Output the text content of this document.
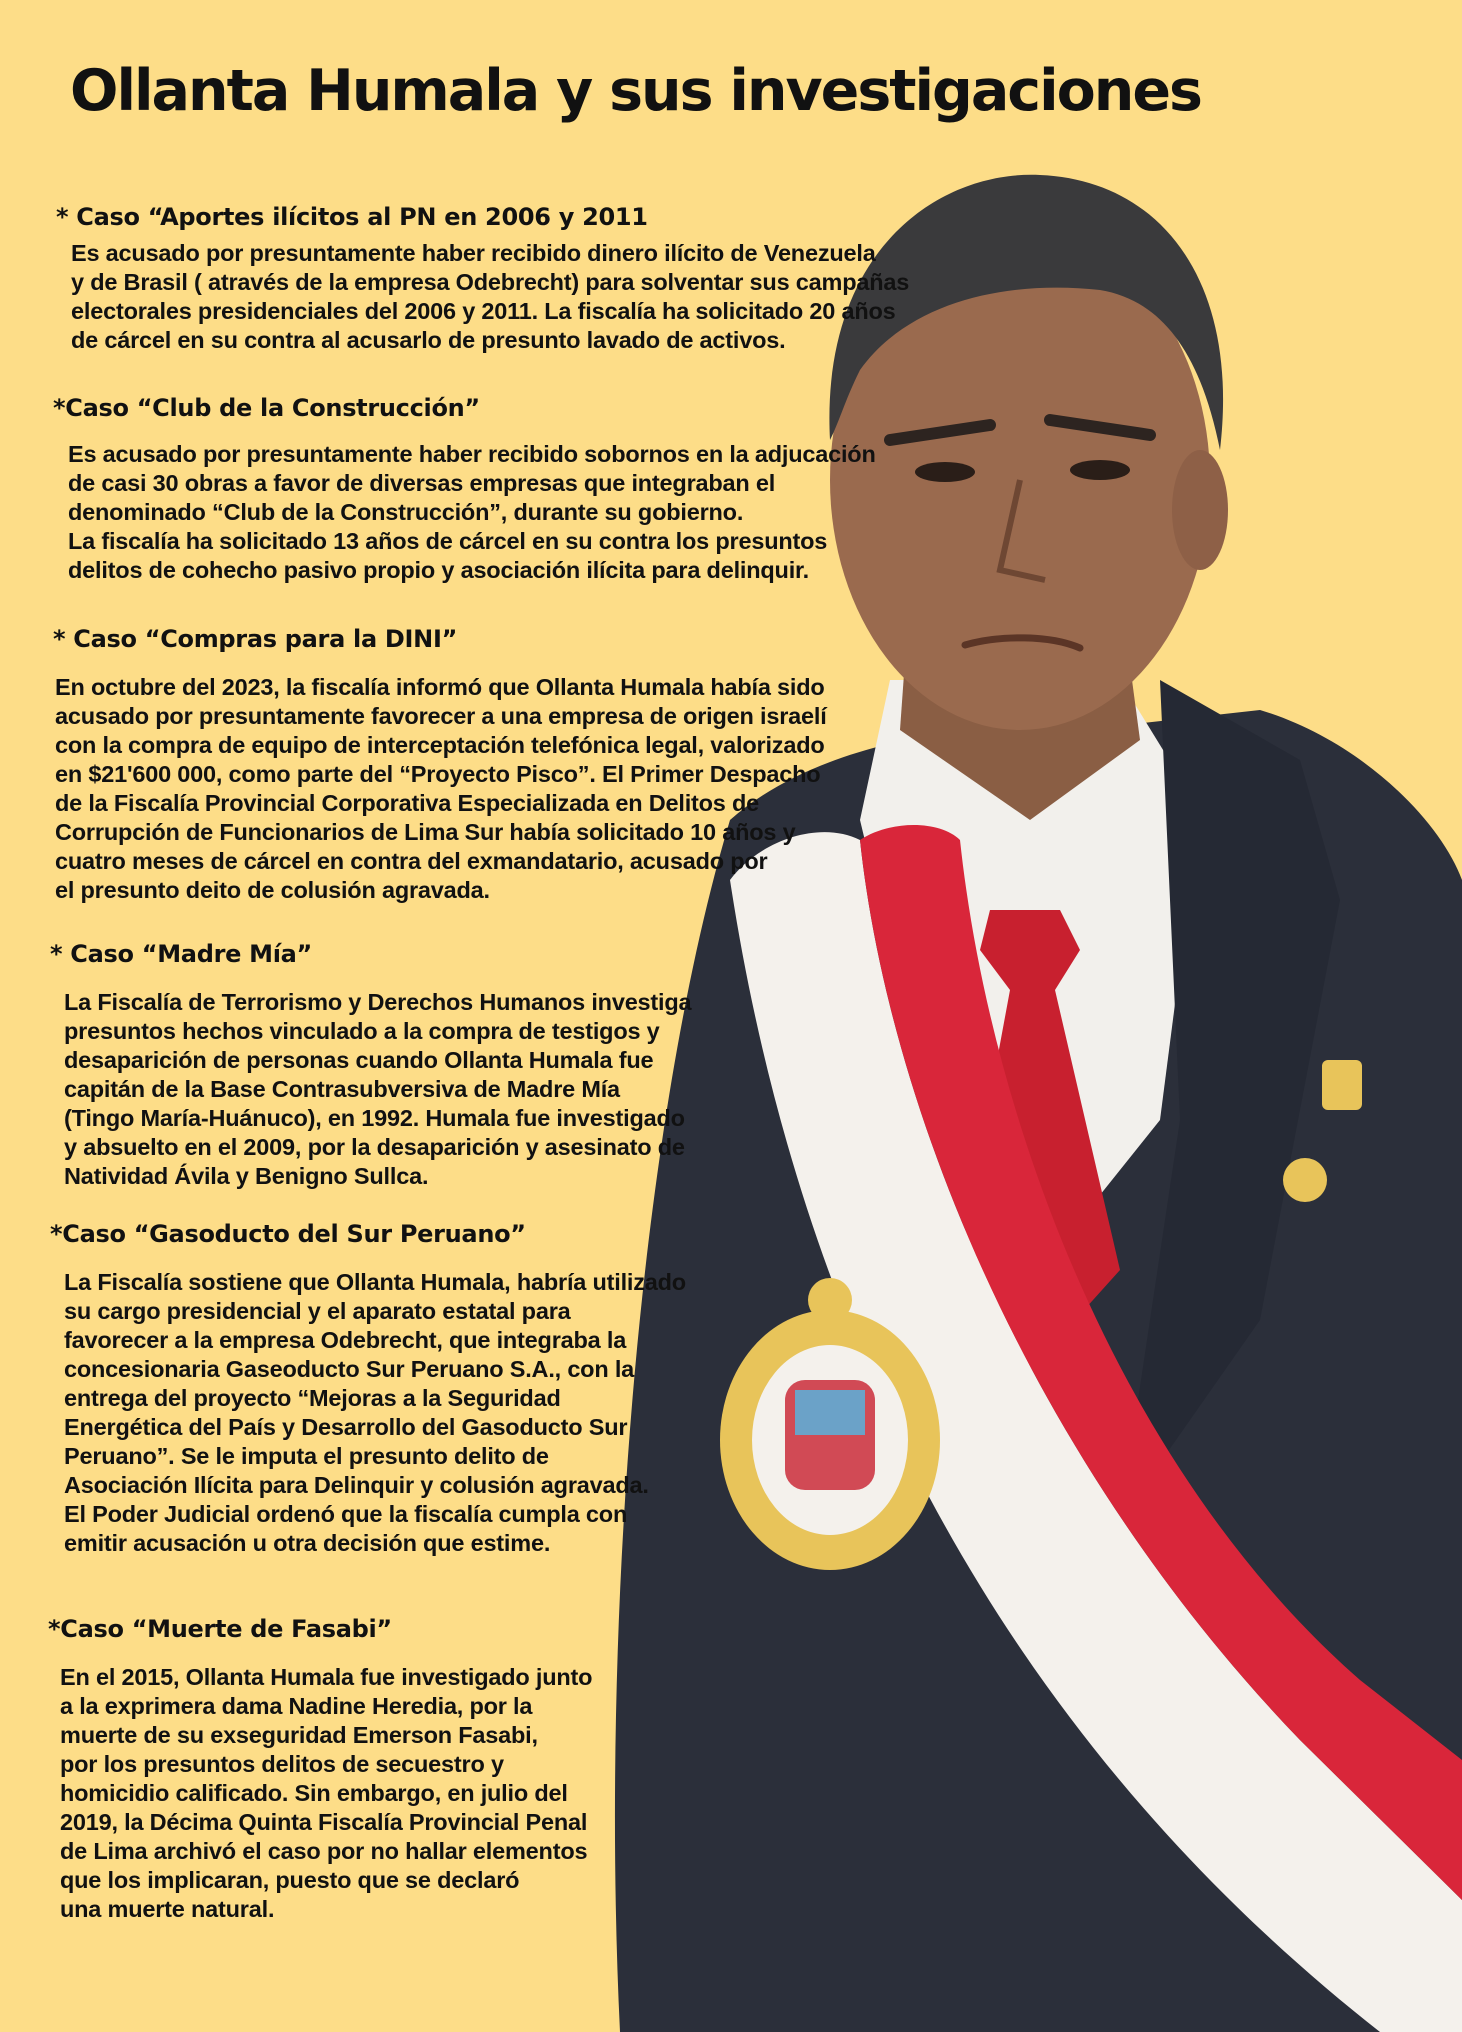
Ollanta Humala y sus investigaciones
* Caso “Aportes ilícitos al PN en 2006 y 2011

Es acusado por presuntamente haber recibido dinero ilícito de Venezuela
y de Brasil ( através de la empresa Odebrecht) para solventar sus campañas
electorales presidenciales del 2006 y 2011. La fiscalía ha solicitado 20 años
de cárcel en su contra al acusarlo de presunto lavado de activos.

*Caso “Club de la Construcción”

Es acusado por presuntamente haber recibido sobornos en la adjucación
de casi 30 obras a favor de diversas empresas que integraban el
denominado “Club de la Construcción”, durante su gobierno.
La fiscalía ha solicitado 13 años de cárcel en su contra los presuntos
delitos de cohecho pasivo propio y asociación ilícita para delinquir.

* Caso “Compras para la DINI”

En octubre del 2023, la fiscalía informó que Ollanta Humala había sido
acusado por presuntamente favorecer a una empresa de origen israelí
con la compra de equipo de interceptación telefónica legal, valorizado
en $21'600 000, como parte del “Proyecto Pisco”. El Primer Despacho
de la Fiscalía Provincial Corporativa Especializada en Delitos de
Corrupción de Funcionarios de Lima Sur había solicitado 10 años y
cuatro meses de cárcel en contra del exmandatario, acusado por
el presunto deito de colusión agravada.

* Caso “Madre Mía”

La Fiscalía de Terrorismo y Derechos Humanos investiga
presuntos hechos vinculado a la compra de testigos y
desaparición de personas cuando Ollanta Humala fue
capitán de la Base Contrasubversiva de Madre Mía
(Tingo María-Huánuco), en 1992. Humala fue investigado
y absuelto en el 2009, por la desaparición y asesinato de
Natividad Ávila y Benigno Sullca.

*Caso “Gasoducto del Sur Peruano”

La Fiscalía sostiene que Ollanta Humala, habría utilizado
su cargo presidencial y el aparato estatal para
favorecer a la empresa Odebrecht, que integraba la
concesionaria Gaseoducto Sur Peruano S.A., con la
entrega del proyecto “Mejoras a la Seguridad
Energética del País y Desarrollo del Gasoducto Sur
Peruano”. Se le imputa el presunto delito de
Asociación Ilícita para Delinquir y colusión agravada.
El Poder Judicial ordenó que la fiscalía cumpla con
emitir acusación u otra decisión que estime.

*Caso “Muerte de Fasabi”

En el 2015, Ollanta Humala fue investigado junto
a la exprimera dama Nadine Heredia, por la
muerte de su exseguridad Emerson Fasabi,
por los presuntos delitos de secuestro y
homicidio calificado. Sin embargo, en julio del
2019, la Décima Quinta Fiscalía Provincial Penal
de Lima archivó el caso por no hallar elementos
que los implicaran, puesto que se declaró
una muerte natural.
